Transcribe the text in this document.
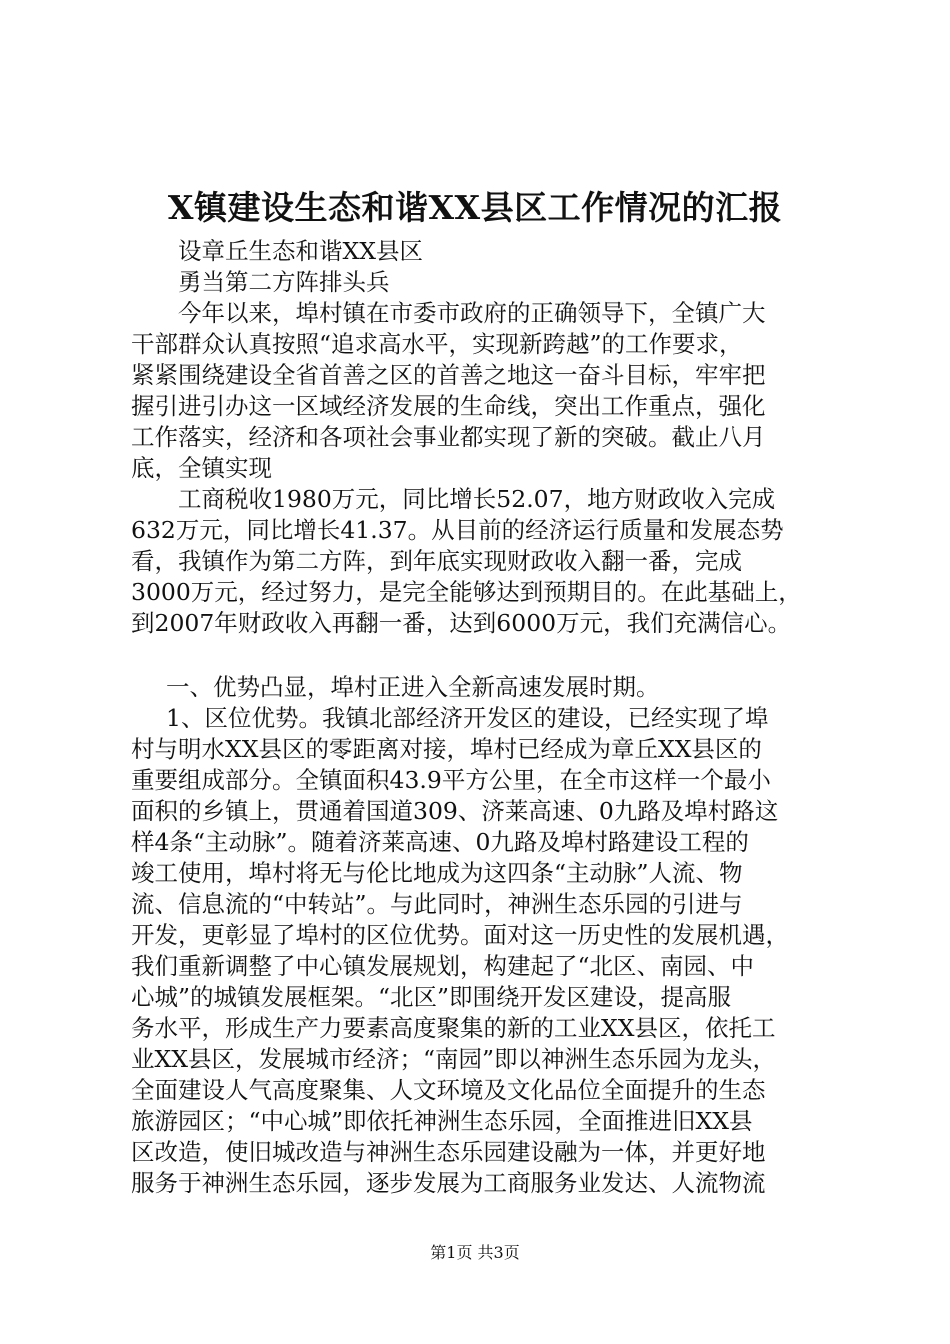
X镇建设生态和谐XX县区工作情况的汇报
设章丘生态和谐XX县区
勇当第二方阵排头兵
今年以来，埠村镇在市委市政府的正确领导下，全镇广大
干部群众认真按照“追求高水平，实现新跨越”的工作要求，
紧紧围绕建设全省首善之区的首善之地这一奋斗目标，牢牢把
握引进引办这一区域经济发展的生命线，突出工作重点，强化
工作落实，经济和各项社会事业都实现了新的突破。截止八月
底，全镇实现
工商税收1980万元，同比增长52.07，地方财政收入完成
632万元，同比增长41.37。从目前的经济运行质量和发展态势
看，我镇作为第二方阵，到年底实现财政收入翻一番，完成
3000万元，经过努力，是完全能够达到预期目的。在此基础上，
到2007年财政收入再翻一番，达到6000万元，我们充满信心。
一、优势凸显，埠村正进入全新高速发展时期。
1、区位优势。我镇北部经济开发区的建设，已经实现了埠
村与明水XX县区的零距离对接，埠村已经成为章丘XX县区的
重要组成部分。全镇面积43.9平方公里，在全市这样一个最小
面积的乡镇上，贯通着国道309、济莱高速、0九路及埠村路这
样4条“主动脉”。随着济莱高速、0九路及埠村路建设工程的
竣工使用，埠村将无与伦比地成为这四条“主动脉”人流、物
流、信息流的“中转站”。与此同时，神洲生态乐园的引进与
开发，更彰显了埠村的区位优势。面对这一历史性的发展机遇，
我们重新调整了中心镇发展规划，构建起了“北区、南园、中
心城”的城镇发展框架。“北区”即围绕开发区建设，提高服
务水平，形成生产力要素高度聚集的新的工业XX县区，依托工
业XX县区，发展城市经济；“南园”即以神洲生态乐园为龙头，
全面建设人气高度聚集、人文环境及文化品位全面提升的生态
旅游园区；“中心城”即依托神洲生态乐园，全面推进旧XX县
区改造，使旧城改造与神洲生态乐园建设融为一体，并更好地
服务于神洲生态乐园，逐步发展为工商服务业发达、人流物流
第1页 共3页
